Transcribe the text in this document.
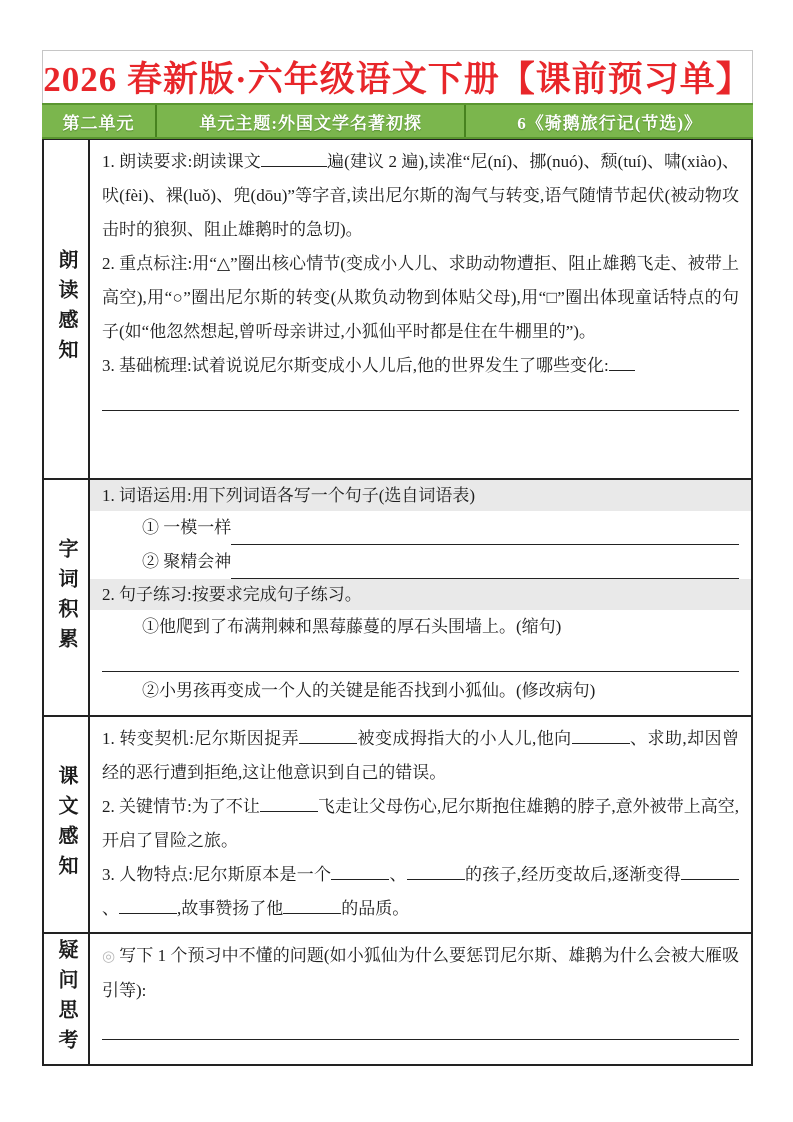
2026 春新版·六年级语文下册【课前预习单】
第二单元	单元主题:外国文学名著初探	6《骑鹅旅行记(节选)》
朗读感知
1. 朗读要求:朗读课文	遍(建议 2 遍),读准“尼(ní)、挪(nuó)、颓(tuí)、啸(xiào)、吠(fèi)、裸(luǒ)、兜(dōu)”等字音,读出尼尔斯的淘气与转变,语气随情节起伏(被动物攻击时的狼狈、阻止雄鹅时的急切)。
2. 重点标注:用“△”圈出核心情节(变成小人儿、求助动物遭拒、阻止雄鹅飞走、被带上高空),用“○”圈出尼尔斯的转变(从欺负动物到体贴父母),用“□”圈出体现童话特点的句子(如“他忽然想起,曾听母亲讲过,小狐仙平时都是住在牛棚里的”)。
3. 基础梳理:试着说说尼尔斯变成小人儿后,他的世界发生了哪些变化:
字词积累
1. 词语运用:用下列词语各写一个句子(选自词语表)
① 一模一样
② 聚精会神
2. 句子练习:按要求完成句子练习。
①他爬到了布满荆棘和黑莓藤蔓的厚石头围墙上。(缩句)
②小男孩再变成一个人的关键是能否找到小狐仙。(修改病句)
课文感知
1. 转变契机:尼尔斯因捉弄	被变成拇指大的小人儿,他向	、求助,却因曾经的恶行遭到拒绝,这让他意识到自己的错误。
2. 关键情节:为了不让	飞走让父母伤心,尼尔斯抱住雄鹅的脖子,意外被带上高空,开启了冒险之旅。
3. 人物特点:尼尔斯原本是一个	、	的孩子,经历变故后,逐渐变得、	,故事赞扬了他	的品质。
疑问思考 ◎ 写下 1 个预习中不懂的问题(如小狐仙为什么要惩罚尼尔斯、雄鹅为什么会被大雁吸引等):
